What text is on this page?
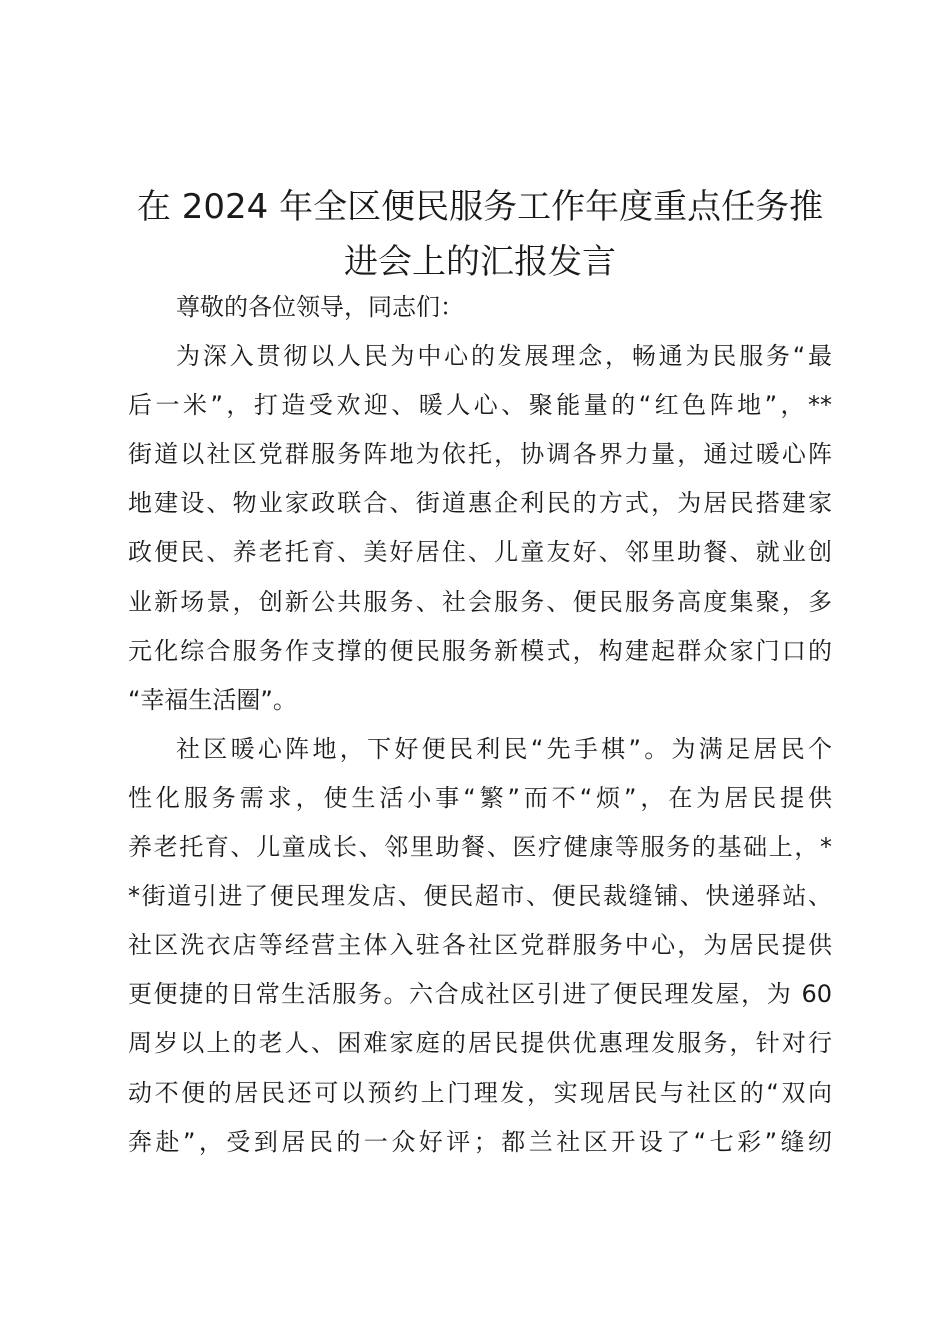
在 2024 年全区便民服务工作年度重点任务推
进会上的汇报发言

尊敬的各位领导，同志们：

为深入贯彻以人民为中心的发展理念，畅通为民服务“最
后一米”，打造受欢迎、暖人心、聚能量的“红色阵地”，**
街道以社区党群服务阵地为依托，协调各界力量，通过暖心阵
地建设、物业家政联合、街道惠企利民的方式，为居民搭建家
政便民、养老托育、美好居住、儿童友好、邻里助餐、就业创
业新场景，创新公共服务、社会服务、便民服务高度集聚，多
元化综合服务作支撑的便民服务新模式，构建起群众家门口的
“幸福生活圈”。

社区暖心阵地，下好便民利民“先手棋”。为满足居民个
性化服务需求，使生活小事“繁”而不“烦”，在为居民提供
养老托育、儿童成长、邻里助餐、医疗健康等服务的基础上，*
*街道引进了便民理发店、便民超市、便民裁缝铺、快递驿站、
社区洗衣店等经营主体入驻各社区党群服务中心，为居民提供
更便捷的日常生活服务。六合成社区引进了便民理发屋，为 60
周岁以上的老人、困难家庭的居民提供优惠理发服务，针对行
动不便的居民还可以预约上门理发，实现居民与社区的“双向
奔赴”，受到居民的一众好评；都兰社区开设了“七彩”缝纫
